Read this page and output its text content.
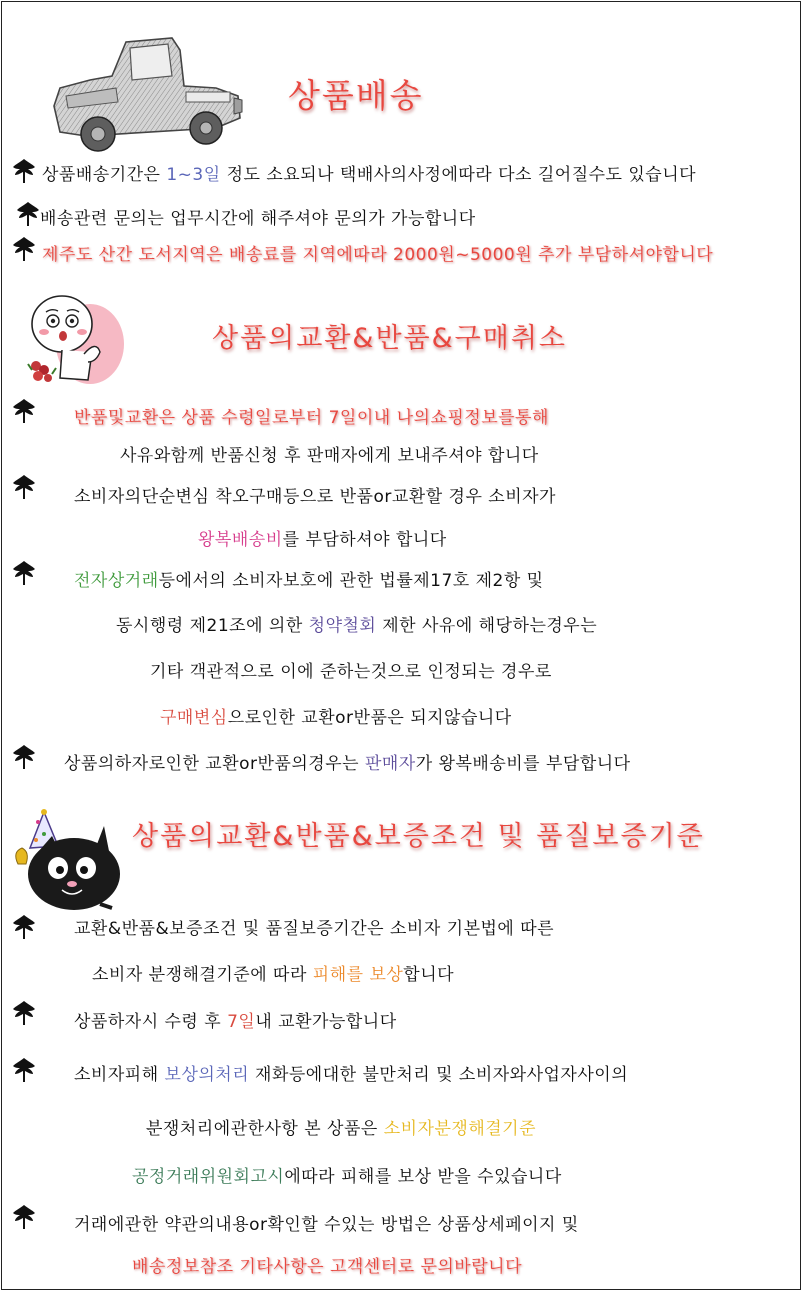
상품배송
상품배송기간은 1~3일 정도 소요되나 택배사의사정에따라 다소 길어질수도 있습니다
배송관련 문의는 업무시간에 해주셔야 문의가 가능합니다
제주도 산간 도서지역은 배송료를 지역에따라 2000원~5000원 추가 부담하셔야합니다
상품의교환&반품&구매취소
반품및교환은 상품 수령일로부터 7일이내 나의쇼핑정보를통해
사유와함께 반품신청 후 판매자에게 보내주셔야 합니다
소비자의단순변심 착오구매등으로 반품or교환할 경우 소비자가
왕복배송비를 부담하셔야 합니다
전자상거래등에서의 소비자보호에 관한 법률제17호 제2항 및
동시행령 제21조에 의한 청약철회 제한 사유에 해당하는경우는
기타 객관적으로 이에 준하는것으로 인정되는 경우로
구매변심으로인한 교환or반품은 되지않습니다
상품의하자로인한 교환or반품의경우는 판매자가 왕복배송비를 부담합니다
상품의교환&반품&보증조건 및 품질보증기준
교환&반품&보증조건 및 품질보증기간은 소비자 기본법에 따른
소비자 분쟁해결기준에 따라 피해를 보상합니다
상품하자시 수령 후 7일내 교환가능합니다
소비자피해 보상의처리 재화등에대한 불만처리 및 소비자와사업자사이의
분쟁처리에관한사항 본 상품은 소비자분쟁해결기준
공정거래위원회고시에따라 피해를 보상 받을 수있습니다
거래에관한 약관의내용or확인할 수있는 방법은 상품상세페이지 및
배송정보참조 기타사항은 고객센터로 문의바랍니다
